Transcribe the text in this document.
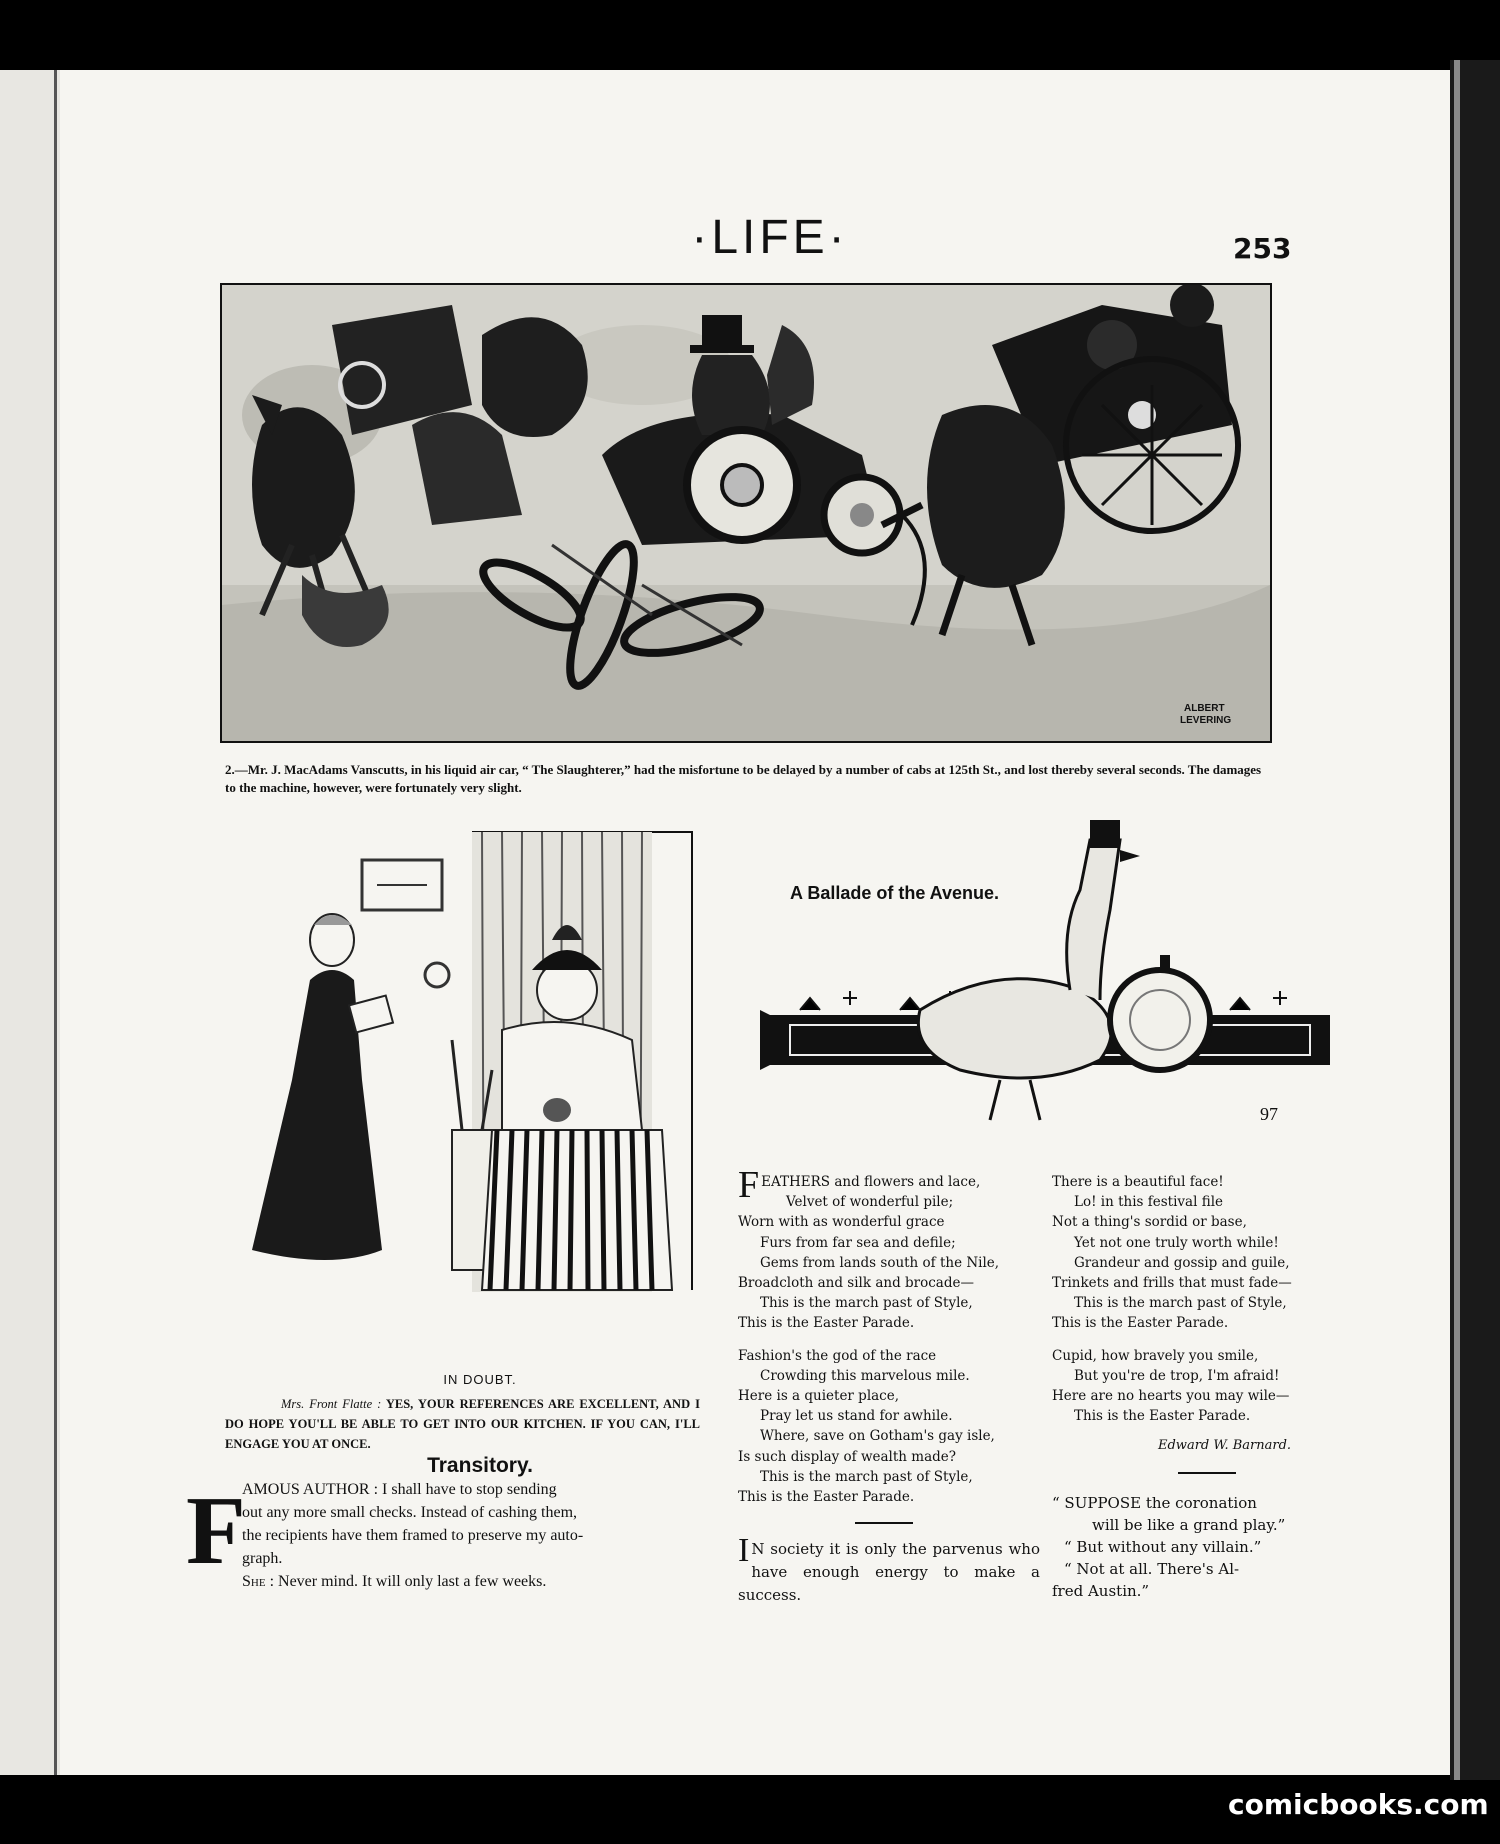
·LIFE·	253
ALBERT
LEVERING
2.—Mr. J. MacAdams Vanscutts, in his liquid air car, “ The Slaughterer,” had the misfortune to be delayed by a number of cabs at 125th St., and lost thereby several seconds. The damages to the machine, however, were fortunately very slight.
IN DOUBT.
Mrs. Front Flatte : YES, YOUR REFERENCES ARE EXCELLENT, AND I DO HOPE YOU'LL BE ABLE TO GET INTO OUR KITCHEN. IF YOU CAN, I'LL ENGAGE YOU AT ONCE.
Transitory.
F

AMOUS AUTHOR : I shall have to stop sending

out any more small checks. Instead of cashing them,

the recipients have them framed to preserve my auto-

graph.

She : Never mind. It will only last a few weeks.

A Ballade of the Avenue.
97
F EATHERS and flowers and lace,
Velvet of wonderful pile;
Worn with as wonderful grace
Furs from far sea and defile;
Gems from lands south of the Nile,
Broadcloth and silk and brocade—
This is the march past of Style,
This is the Easter Parade.
Fashion's the god of the race
Crowding this marvelous mile.
Here is a quieter place,
Pray let us stand for awhile.
Where, save on Gotham's gay isle,
Is such display of wealth made?
This is the march past of Style,
This is the Easter Parade.
There is a beautiful face!
Lo! in this festival file
Not a thing's sordid or base,
Yet not one truly worth while!
Grandeur and gossip and guile,
Trinkets and frills that must fade—
This is the march past of Style,
This is the Easter Parade.
Cupid, how bravely you smile,
But you're de trop, I'm afraid!
Here are no hearts you may wile—
This is the Easter Parade.
Edward W. Barnard.
I N society it is only the parvenus who have enough energy to make a success.
“ SUPPOSE the coronation
will be like a grand play.”
“ But without any villain.”
“ Not at all. There's Al-
fred Austin.”
comicbooks.com
